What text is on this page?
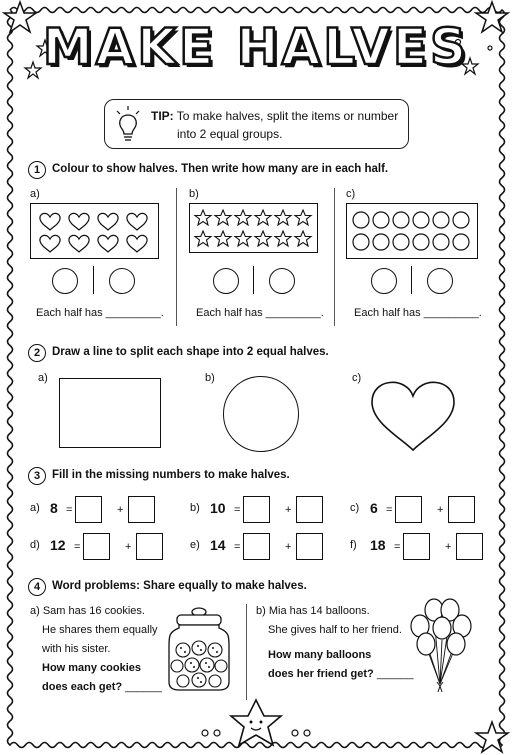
MAKE HALVES
TIP: To make halves, split the items or number
into 2 equal groups.
1	Colour to show halves. Then write how many are in each half.
a)	b)	c)
Each half has _________.	Each half has _________.	Each half has _________.
2	Draw a line to split each shape into 2 equal halves.
a)	b)	c)
3	Fill in the missing numbers to make halves.
a) 8 =	+	b) 10 =	+	c) 6 =	+
d) 12 =	+	e) 14 =	+	f) 18 =	+
4	Word problems: Share equally to make halves.
a) Sam has 16 cookies.
He shares them equally
with his sister.
How many cookies
does each get? ______
b) Mia has 14 balloons.
She gives half to her friend.

How many balloons
does her friend get? ______
